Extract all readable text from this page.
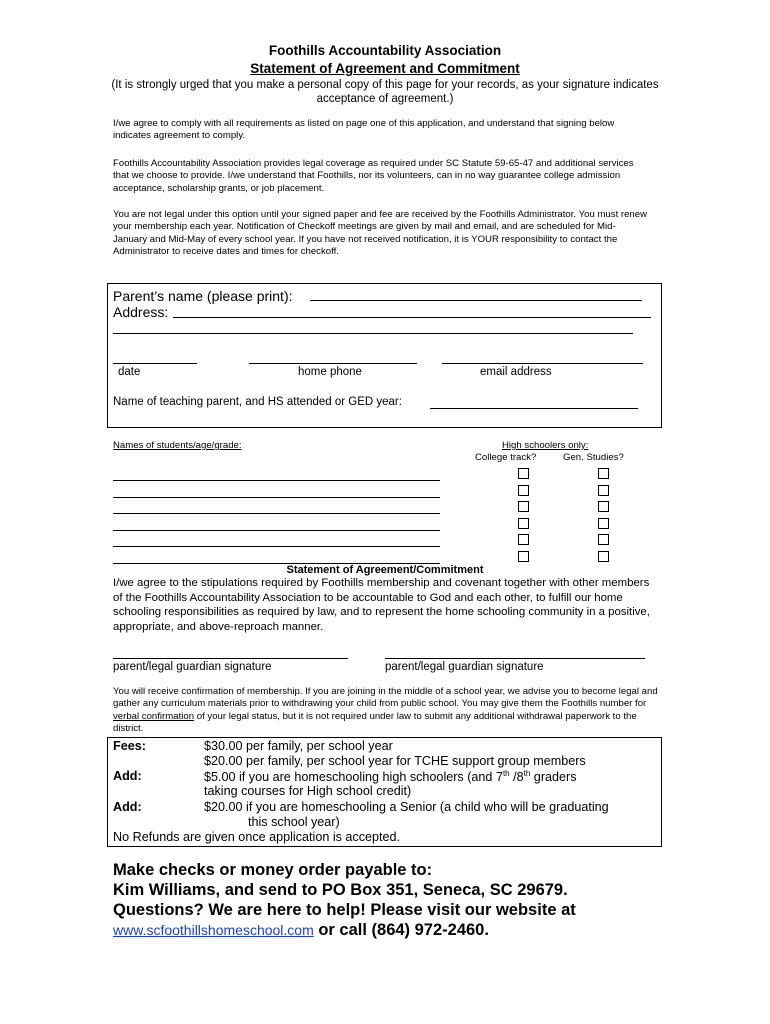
Foothills Accountability Association
Statement of Agreement and Commitment
(It is strongly urged that you make a personal copy of this page for your records, as your signature indicates acceptance of agreement.)
I/we agree to comply with all requirements as listed on page one of this application, and understand that signing below indicates agreement to comply.
Foothills Accountability Association provides legal coverage as required under SC Statute 59-65-47 and additional services that we choose to provide. I/we understand that Foothills, nor its volunteers, can in no way guarantee college admission acceptance, scholarship grants, or job placement.
You are not legal under this option until your signed paper and fee are received by the Foothills Administrator. You must renew your membership each year. Notification of Checkoff meetings are given by mail and email, and are scheduled for Mid-January and Mid-May of every school year. If you have not received notification, it is YOUR responsibility to contact the Administrator to receive dates and times for checkoff.
Parent’s name (please print):
Address:
date	home phone	email address
Name of teaching parent, and HS attended or GED year:
Names of students/age/grade:	High schoolers only:
College track?	Gen. Studies?
Statement of Agreement/Commitment
I/we agree to the stipulations required by Foothills membership and covenant together with other members of the Foothills Accountability Association to be accountable to God and each other, to fulfill our home schooling responsibilities as required by law, and to represent the home schooling community in a positive, appropriate, and above-reproach manner.
parent/legal guardian signature	parent/legal guardian signature
You will receive confirmation of membership. If you are joining in the middle of a school year, we advise you to become legal and gather any curriculum materials prior to withdrawing your child from public school. You may give them the Foothills number for verbal confirmation of your legal status, but it is not required under law to submit any additional withdrawal paperwork to the district.
Fees:	$30.00 per family, per school year
$20.00 per family, per school year for TCHE support group members
Add:	$5.00 if you are homeschooling high schoolers (and 7th /8th graders
taking courses for High school credit)
Add:	$20.00 if you are homeschooling a Senior (a child who will be graduating
this school year)
No Refunds are given once application is accepted.
Make checks or money order payable to:
Kim Williams, and send to PO Box 351, Seneca, SC 29679.
Questions? We are here to help! Please visit our website at
www.scfoothillshomeschool.com or call (864) 972-2460.
